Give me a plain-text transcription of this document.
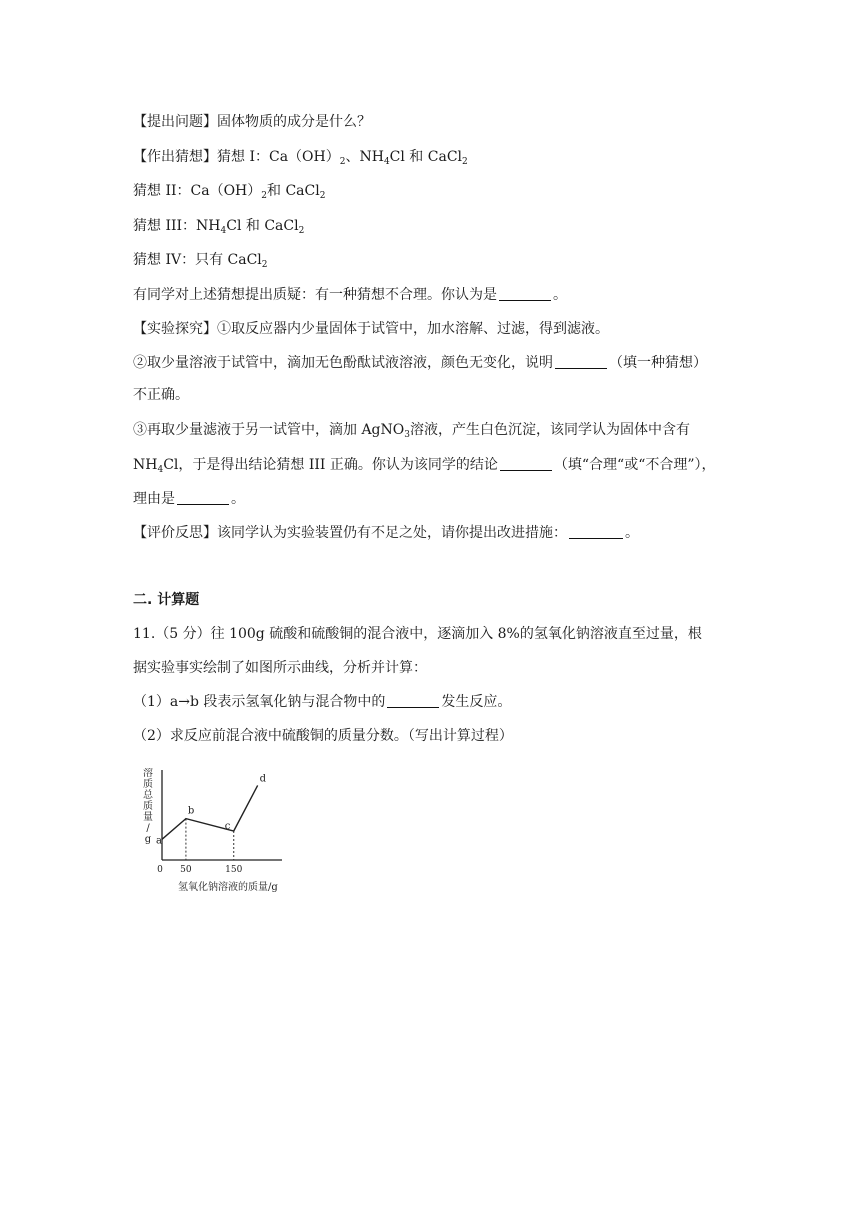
【提出问题】固体物质的成分是什么？
【作出猜想】猜想 I：$Ca(OH)_2$、$NH_4Cl$ 和 CaCl$_2$
猜想 II：$Ca(OH)_2$和 CaCl$_2$
猜想 III：$NH_4Cl$ 和 CaCl$_2$
猜想 IV：只有 CaCl$_2$
有同学对上述猜想提出质疑：有一种猜想不合理。你认为是	。
【实验探究】①取反应器内少量固体于试管中，加水溶解、过滤，得到滤液。
②取少量溶液于试管中，滴加无色酚酞试液溶液，颜色无变化，说明	（填一种猜想）
不正确。
③再取少量滤液于另一试管中，滴加 AgNO$_3$溶液，产生白色沉淀，该同学认为固体中含有
$NH_4Cl$，于是得出结论猜想 III 正确。你认为该同学的结论	（填“合理“或“不合理”），
理由是	。
【评价反思】该同学认为实验装置仍有不足之处，请你提出改进措施：	。
二. 计算题
11.（5 分）往 100g 硫酸和硫酸铜的混合液中，逐滴加入 8%的氢氧化钠溶液直至过量，根
据实验事实绘制了如图所示曲线，分析并计算：
（1）a→b 段表示氢氧化钠与混合物中的	发生反应。
（2）求反应前混合液中硫酸铜的质量分数。（写出计算过程）
溶质总质量/ g
0 50	150
氢氧化钠溶液的质量/g
a
b
c
d
